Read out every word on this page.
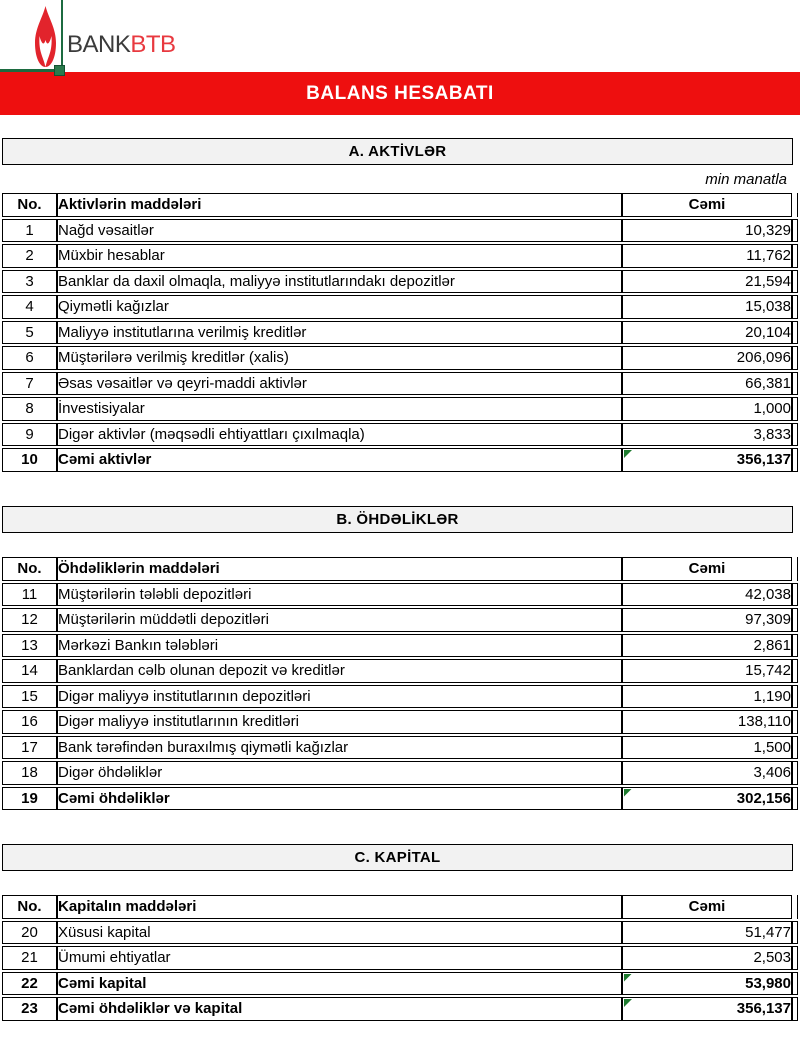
BANKBTB
BALANS HESABATI
A. AKTİVLƏR
min manatla
No.	Aktivlərin maddələri	Cəmi	
1	Nağd vəsaitlər	10,329	
2	Müxbir hesablar	11,762	
3	Banklar da daxil olmaqla, maliyyə institutlarındakı depozitlər	21,594	
4	Qiymətli kağızlar	15,038	
5	Maliyyə institutlarına verilmiş kreditlər	20,104	
6	Müştərilərə verilmiş kreditlər (xalis)	206,096	
7	Əsas vəsaitlər və qeyri-maddi aktivlər	66,381	
8	İnvestisiyalar	1,000	
9	Digər aktivlər (məqsədli ehtiyattları çıxılmaqla)	3,833	
10	Cəmi aktivlər	356,137	
B. ÖHDƏLİKLƏR
No.	Öhdəliklərin maddələri	Cəmi	
11	Müştərilərin tələbli depozitləri	42,038	
12	Müştərilərin müddətli depozitləri	97,309	
13	Mərkəzi Bankın tələbləri	2,861	
14	Banklardan cəlb olunan depozit və kreditlər	15,742	
15	Digər maliyyə institutlarının depozitləri	1,190	
16	Digər maliyyə institutlarının kreditləri	138,110	
17	Bank tərəfindən buraxılmış qiymətli kağızlar	1,500	
18	Digər öhdəliklər	3,406	
19	Cəmi öhdəliklər	302,156	
C. KAPİTAL
No.	Kapitalın maddələri	Cəmi	
20	Xüsusi kapital	51,477	
21	Ümumi ehtiyatlar	2,503	
22	Cəmi kapital	53,980	
23	Cəmi öhdəliklər və kapital	356,137	
